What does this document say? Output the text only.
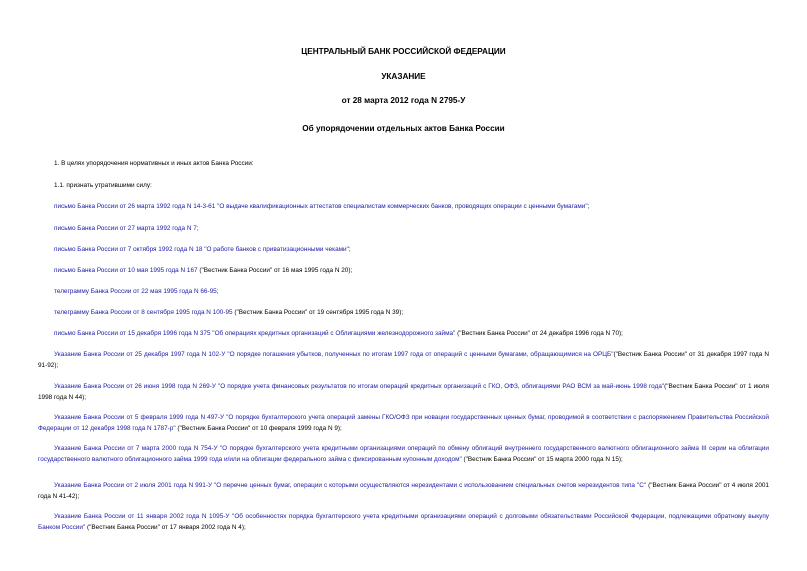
ЦЕНТРАЛЬНЫЙ БАНК РОССИЙСКОЙ ФЕДЕРАЦИИ
УКАЗАНИЕ
от 28 марта 2012 года N 2795-У
Об упорядочении отдельных актов Банка России
1. В целях упорядочения нормативных и иных актов Банка России:
1.1. признать утратившими силу:
письмо Банка России от 26 марта 1992 года N 14-3-61 "О выдаче квалификационных аттестатов специалистам коммерческих банков, проводящих операции с ценными бумагами";
письмо Банка России от 27 марта 1992 года N 7;
письмо Банка России от 7 октября 1992 года N 18 "О работе банков с приватизационными чеками";
письмо Банка России от 10 мая 1995 года N 167 ("Вестник Банка России" от 16 мая 1995 года N 20);
телеграмму Банка России от 22 мая 1995 года N 66-95;
телеграмму Банка России от 8 сентября 1995 года N 100-95 ("Вестник Банка России" от 19 сентября 1995 года N 39);
письмо Банка России от 15 декабря 1996 года N 375 "Об операциях кредитных организаций с Облигациями железнодорожного займа" ("Вестник Банка России" от 24 декабря 1996 года N 70);
Указание Банка России от 25 декабря 1997 года N 102-У "О порядке погашения убытков, полученных по итогам 1997 года от операций с ценными бумагами, обращающимися на ОРЦБ"("Вестник Банка России" от 31 декабря 1997 года N 91-92);
Указание Банка России от 26 июня 1998 года N 269-У "О порядке учета финансовых результатов по итогам операций кредитных организаций с ГКО, ОФЗ, облигациями РАО ВСМ за май-июнь 1998 года"("Вестник Банка России" от 1 июля 1998 года N 44);
Указание Банка России от 5 февраля 1999 года N 497-У "О порядке бухгалтерского учета операций замены ГКО/ОФЗ при новации государственных ценных бумаг, проводимой в соответствии с распоряжением Правительства Российской Федерации от 12 декабря 1998 года N 1787-р" ("Вестник Банка России" от 10 февраля 1999 года N 9);
Указание Банка России от 7 марта 2000 года N 754-У "О порядке бухгалтерского учета кредитными организациями операций по обмену облигаций внутреннего государственного валютного облигационного займа III серии на облигации государственного валютного облигационного займа 1999 года и/или на облигации федерального займа с фиксированным купонным доходом" ("Вестник Банка России" от 15 марта 2000 года N 15);
Указание Банка России от 2 июля 2001 года N 991-У "О перечне ценных бумаг, операции с которыми осуществляются нерезидентами с использованием специальных счетов нерезидентов типа "С" ("Вестник Банка России" от 4 июля 2001 года N 41-42);
Указание Банка России от 11 января 2002 года N 1095-У "Об особенностях порядка бухгалтерского учета кредитными организациями операций с долговыми обязательствами Российской Федерации, подлежащими обратному выкупу Банком России" ("Вестник Банка России" от 17 января 2002 года N 4);
